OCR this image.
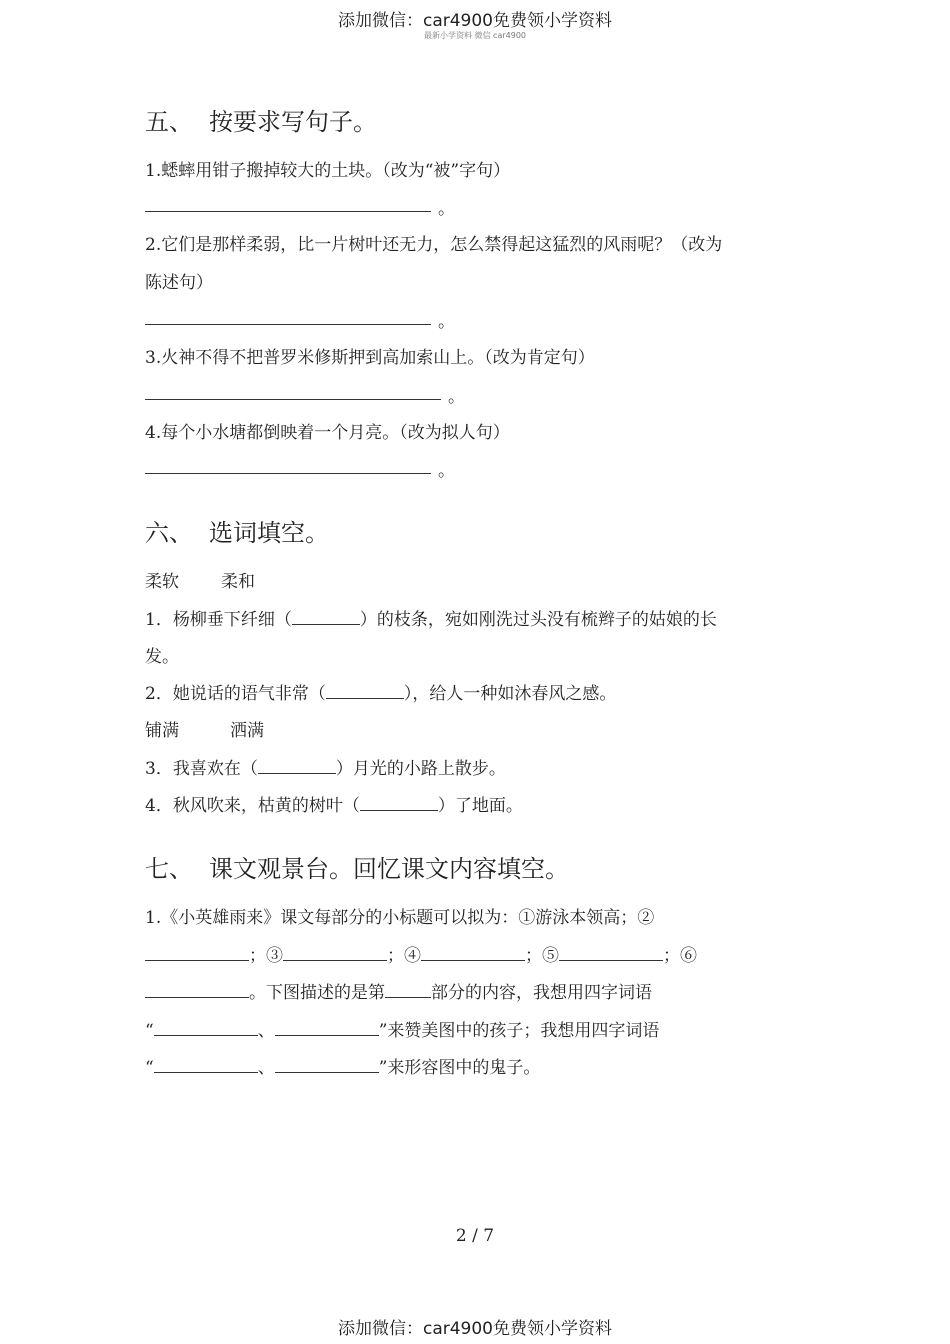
添加微信：car4900免费领小学资料
最新小学资料 微信 car4900
五、 按要求写句子。
1.蟋蟀用钳子搬掉较大的土块。（改为“被”字句）
。
2.它们是那样柔弱，比一片树叶还无力，怎么禁得起这猛烈的风雨呢？（改为
陈述句）
。
3.火神不得不把普罗米修斯押到高加索山上。（改为肯定句）
。
4.每个小水塘都倒映着一个月亮。（改为拟人句）
。
六、 选词填空。
柔软 柔和
1．杨柳垂下纤细（	）的枝条，宛如刚洗过头没有梳辫子的姑娘的长
发。
2．她说话的语气非常（	），给人一种如沐春风之感。
铺满	洒满
3．我喜欢在（	）月光的小路上散步。
4．秋风吹来，枯黄的树叶（	）了地面。
七、 课文观景台。回忆课文内容填空。
1.《小英雄雨来》课文每部分的小标题可以拟为：①游泳本领高；②
；③	；④	；⑤	；⑥
。下图描述的是第	部分的内容，我想用四字词语
“	、	”来赞美图中的孩子；我想用四字词语
“	、	”来形容图中的鬼子。
2 / 7
添加微信：car4900免费领小学资料
